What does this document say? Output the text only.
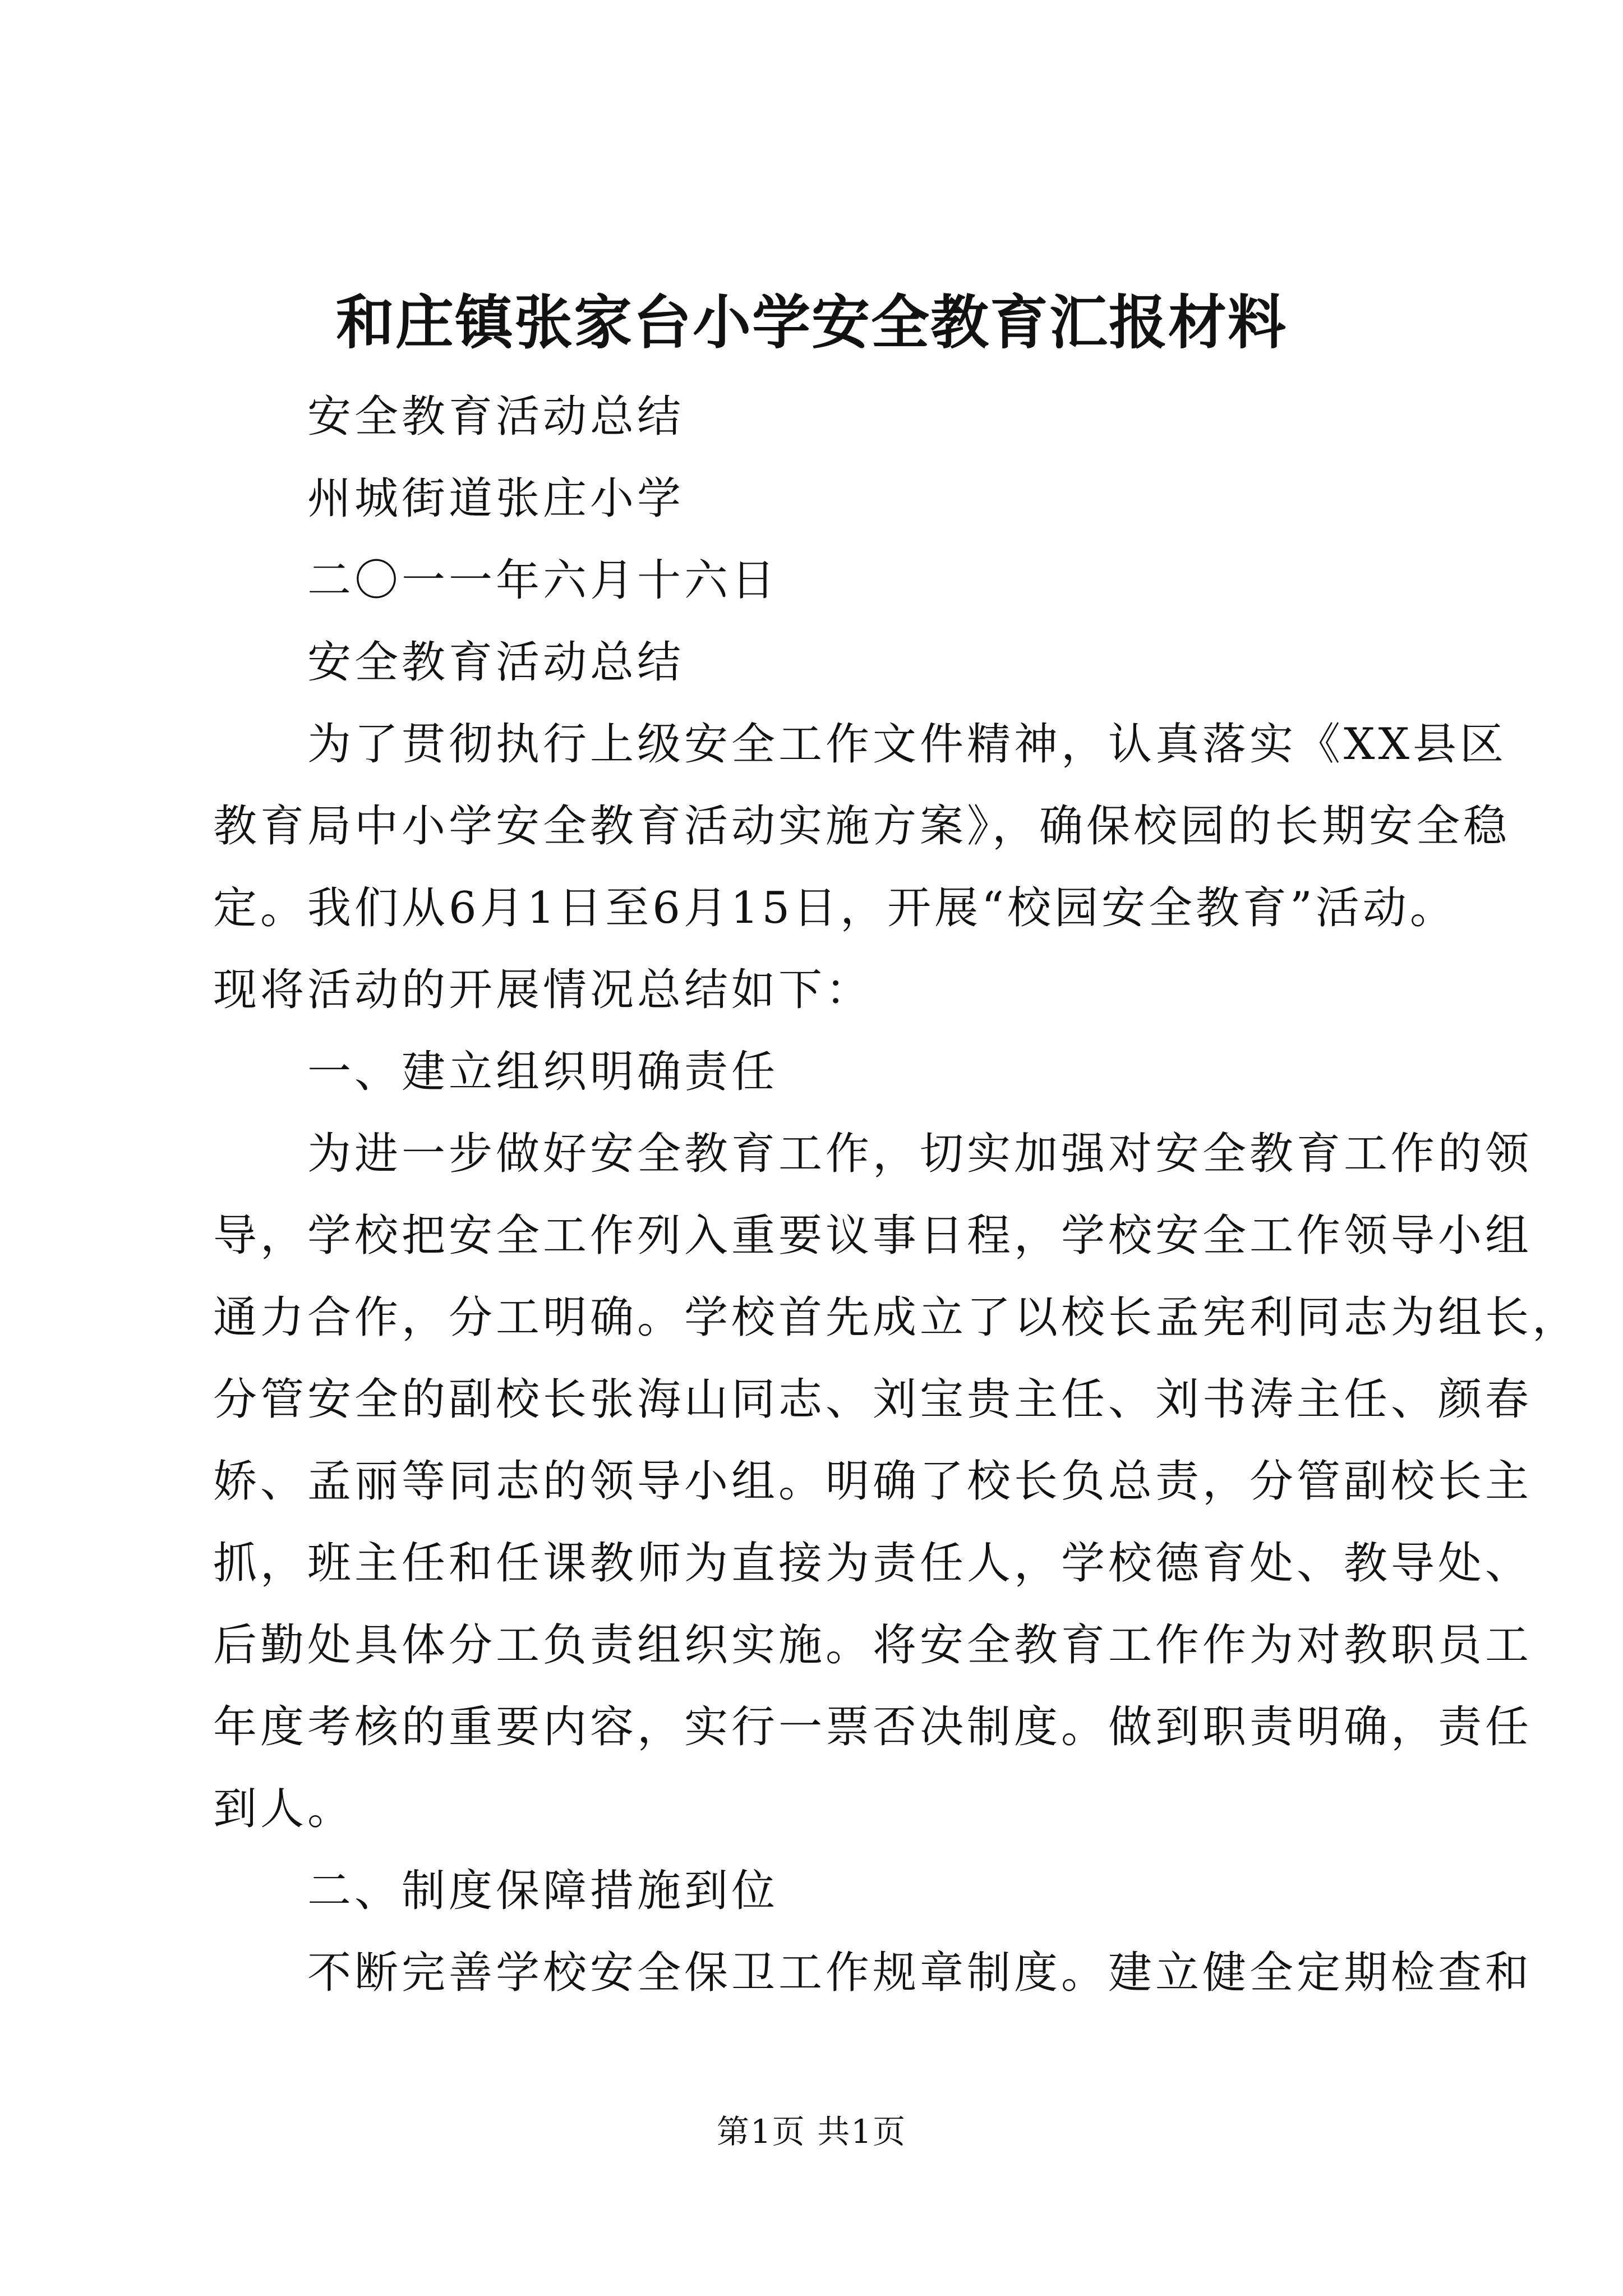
和庄镇张家台小学安全教育汇报材料
安全教育活动总结
州城街道张庄小学
二〇一一年六月十六日
安全教育活动总结
为了贯彻执行上级安全工作文件精神，认真落实《XX县区
教育局中小学安全教育活动实施方案》，确保校园的长期安全稳
定。我们从6月1日至6月15日，开展“校园安全教育”活动。
现将活动的开展情况总结如下：
一、建立组织明确责任
为进一步做好安全教育工作，切实加强对安全教育工作的领
导，学校把安全工作列入重要议事日程，学校安全工作领导小组
通力合作，分工明确。学校首先成立了以校长孟宪利同志为组长，
分管安全的副校长张海山同志、刘宝贵主任、刘书涛主任、颜春
娇、孟丽等同志的领导小组。明确了校长负总责，分管副校长主
抓，班主任和任课教师为直接为责任人，学校德育处、教导处、
后勤处具体分工负责组织实施。将安全教育工作作为对教职员工
年度考核的重要内容，实行一票否决制度。做到职责明确，责任
到人。
二、制度保障措施到位
不断完善学校安全保卫工作规章制度。建立健全定期检查和
第1页 共1页
